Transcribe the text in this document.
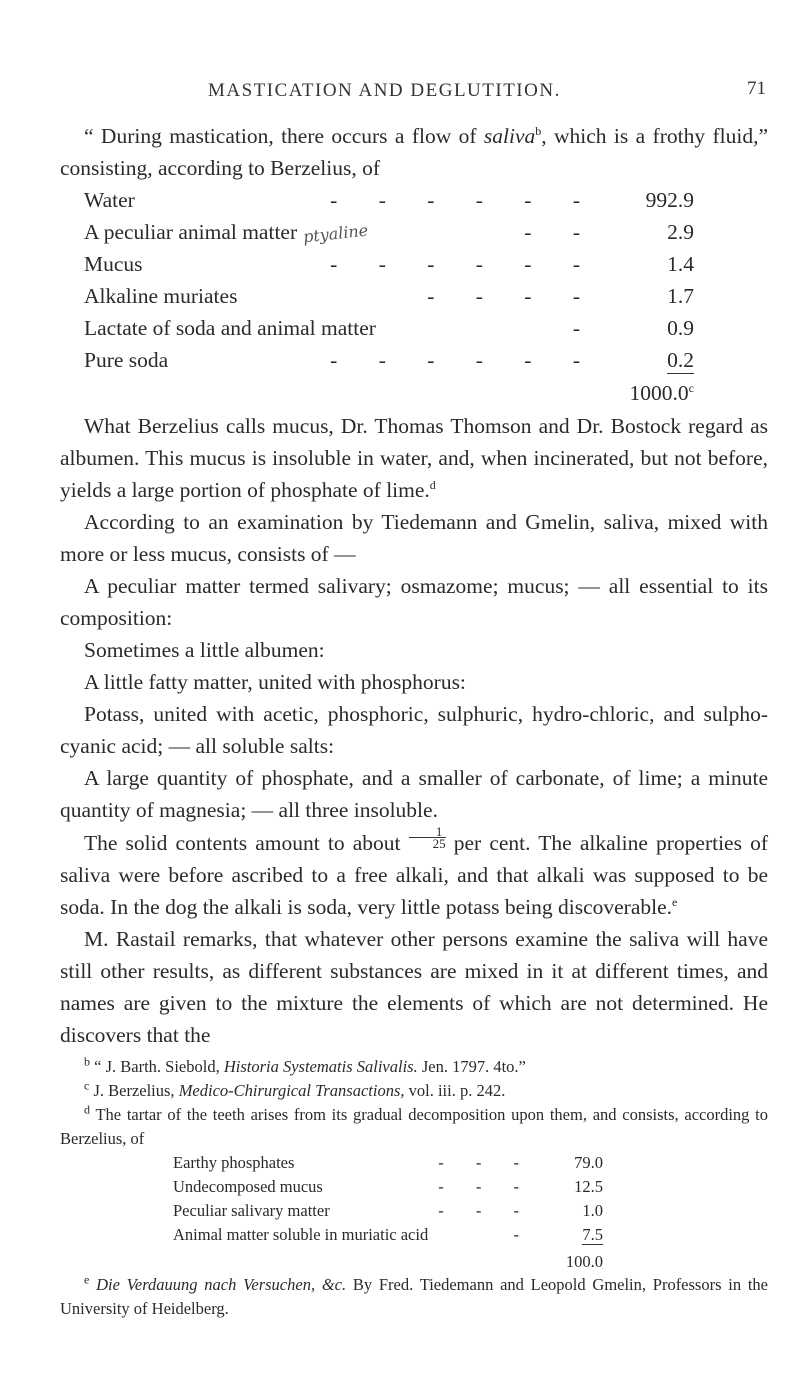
MASTICATION AND DEGLUTITION.	71

“ During mastication, there occurs a flow of saliva$^b$, which is a frothy fluid,” consisting, according to Berzelius, of

Water	- - - - - -	992.9
A peculiar animal matter ptyaline	- -	2.9
Mucus	- - - - - -	1.4
Alkaline muriates	- - - -	1.7
Lactate of soda and animal matter	-	0.9
Pure soda	- - - - - -	0.2
1000.0$^c$

What Berzelius calls mucus, Dr. Thomas Thomson and Dr. Bostock regard as albumen. This mucus is insoluble in water, and, when incinerated, but not before, yields a large portion of phosphate of lime.$^d$

According to an examination by Tiedemann and Gmelin, saliva, mixed with more or less mucus, consists of —

A peculiar matter termed salivary; osmazome; mucus; — all essential to its composition:

Sometimes a little albumen:

A little fatty matter, united with phosphorus:

Potass, united with acetic, phosphoric, sulphuric, hydro-chloric, and sulpho-cyanic acid; — all soluble salts:

A large quantity of phosphate, and a smaller of carbonate, of lime; a minute quantity of magnesia; — all three insoluble.

The solid contents amount to about $\frac{1}{25}$ per cent. The alkaline properties of saliva were before ascribed to a free alkali, and that alkali was supposed to be soda. In the dog the alkali is soda, very little potass being discoverable.$^e$

M. Rastail remarks, that whatever other persons examine the saliva will have still other results, as different substances are mixed in it at different times, and names are given to the mixture the elements of which are not determined. He discovers that the

$^b$ “ J. Barth. Siebold, Historia Systematis Salivalis. Jen. 1797. 4to.”

$^c$ J. Berzelius, Medico-Chirurgical Transactions, vol. iii. p. 242.

$^d$ The tartar of the teeth arises from its gradual decomposition upon them, and consists, according to Berzelius, of

Earthy phosphates	- - -	79.0
Undecomposed mucus	- - -	12.5
Peculiar salivary matter	- - -	1.0
Animal matter soluble in muriatic acid	-	7.5
100.0

$^e$ Die Verdauung nach Versuchen, &c. By Fred. Tiedemann and Leopold Gmelin, Professors in the University of Heidelberg.
